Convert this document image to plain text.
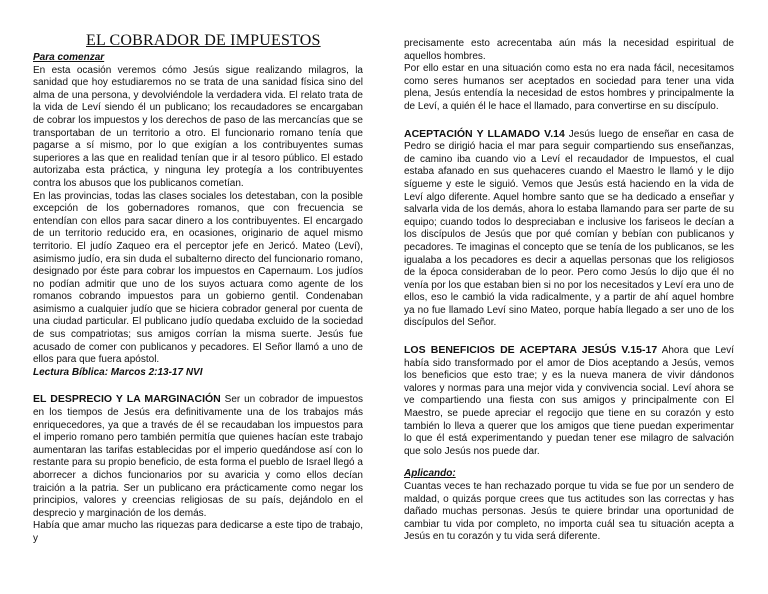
EL COBRADOR DE IMPUESTOS

Para comenzar

En esta ocasión veremos cómo Jesús sigue realizando milagros, la sanidad que hoy estudiaremos no se trata de una sanidad física sino del alma de una persona, y devolviéndole la verdadera vida. El relato trata de la vida de Leví siendo él un publicano; los recaudadores se encargaban de cobrar los impuestos y los derechos de paso de las mercancías que se transportaban de un territorio a otro. El funcionario romano tenía que pagarse a sí mismo, por lo que exigían a los contribuyentes sumas superiores a las que en realidad tenían que ir al tesoro público. El estado autorizaba esta práctica, y ninguna ley protegía a los contribuyentes contra los abusos que los publicanos cometían.

En las provincias, todas las clases sociales los detestaban, con la posible excepción de los gobernadores romanos, que con frecuencia se entendían con ellos para sacar dinero a los contribuyentes. El encargado de un territorio reducido era, en ocasiones, originario de aquel mismo territorio. El judío Zaqueo era el perceptor jefe en Jericó. Mateo (Leví), asimismo judío, era sin duda el subalterno directo del funcionario romano, designado por éste para cobrar los impuestos en Capernaum. Los judíos no podían admitir que uno de los suyos actuara como agente de los romanos cobrando impuestos para un gobierno gentil. Condenaban asimismo a cualquier judío que se hiciera cobrador general por cuenta de una ciudad particular. El publicano judío quedaba excluido de la sociedad de sus compatriotas; sus amigos corrían la misma suerte. Jesús fue acusado de comer con publicanos y pecadores. El Señor llamó a uno de ellos para que fuera apóstol.

Lectura Bíblica: Marcos 2:13-17 NVI

EL DESPRECIO Y LA MARGINACIÓN Ser un cobrador de impuestos en los tiempos de Jesús era definitivamente una de los trabajos más enriquecedores, ya que a través de él se recaudaban los impuestos para el imperio romano pero también permitía que quienes hacían este trabajo aumentaran las tarifas establecidas por el imperio quedándose así con lo restante para su propio beneficio, de esta forma el pueblo de Israel llegó a aborrecer a dichos funcionarios por su avaricia y como ellos decían traición a la patria. Ser un publicano era prácticamente como negar los principios, valores y creencias religiosas de su país, dejándolo en el desprecio y marginación de los demás.

Había que amar mucho las riquezas para dedicarse a este tipo de trabajo, y

precisamente esto acrecentaba aún más la necesidad espiritual de aquellos hombres.

Por ello estar en una situación como esta no era nada fácil, necesitamos como seres humanos ser aceptados en sociedad para tener una vida plena, Jesús entendía la necesidad de estos hombres y principalmente la de Leví, a quién él le hace el llamado, para convertirse en su discípulo.

ACEPTACIÓN Y LLAMADO V.14 Jesús luego de enseñar en casa de Pedro se dirigió hacia el mar para seguir compartiendo sus enseñanzas, de camino iba cuando vio a Leví el recaudador de Impuestos, el cual estaba afanado en sus quehaceres cuando el Maestro le llamó y le dijo sígueme y este le siguió. Vemos que Jesús está haciendo en la vida de Leví algo diferente. Aquel hombre santo que se ha dedicado a enseñar y salvarla vida de los demás, ahora lo estaba llamando para ser parte de su equipo; cuando todos lo despreciaban e inclusive los fariseos le decían a los discípulos de Jesús que por qué comían y bebían con publicanos y pecadores. Te imaginas el concepto que se tenía de los publicanos, se les igualaba a los pecadores es decir a aquellas personas que los religiosos de la época consideraban de lo peor. Pero como Jesús lo dijo que él no venía por los que estaban bien si no por los necesitados y Leví era uno de ellos, eso le cambió la vida radicalmente, y a partir de ahí aquel hombre ya no fue llamado Leví sino Mateo, porque había llegado a ser uno de los discípulos del Señor.

LOS BENEFICIOS DE ACEPTARA JESÚS V.15-17 Ahora que Leví había sido transformado por el amor de Dios aceptando a Jesús, vemos los beneficios que esto trae; y es la nueva manera de vivir dándonos valores y normas para una mejor vida y convivencia social. Leví ahora se ve compartiendo una fiesta con sus amigos y principalmente con El Maestro, se puede apreciar el regocijo que tiene en su corazón y esto también lo lleva a querer que los amigos que tiene puedan experimentar lo que él está experimentando y puedan tener ese milagro de salvación que solo Jesús nos puede dar.

Aplicando:

Cuantas veces te han rechazado porque tu vida se fue por un sendero de maldad, o quizás porque crees que tus actitudes son las correctas y has dañado muchas personas. Jesús te quiere brindar una oportunidad de cambiar tu vida por completo, no importa cuál sea tu situación acepta a Jesús en tu corazón y tu vida será diferente.
